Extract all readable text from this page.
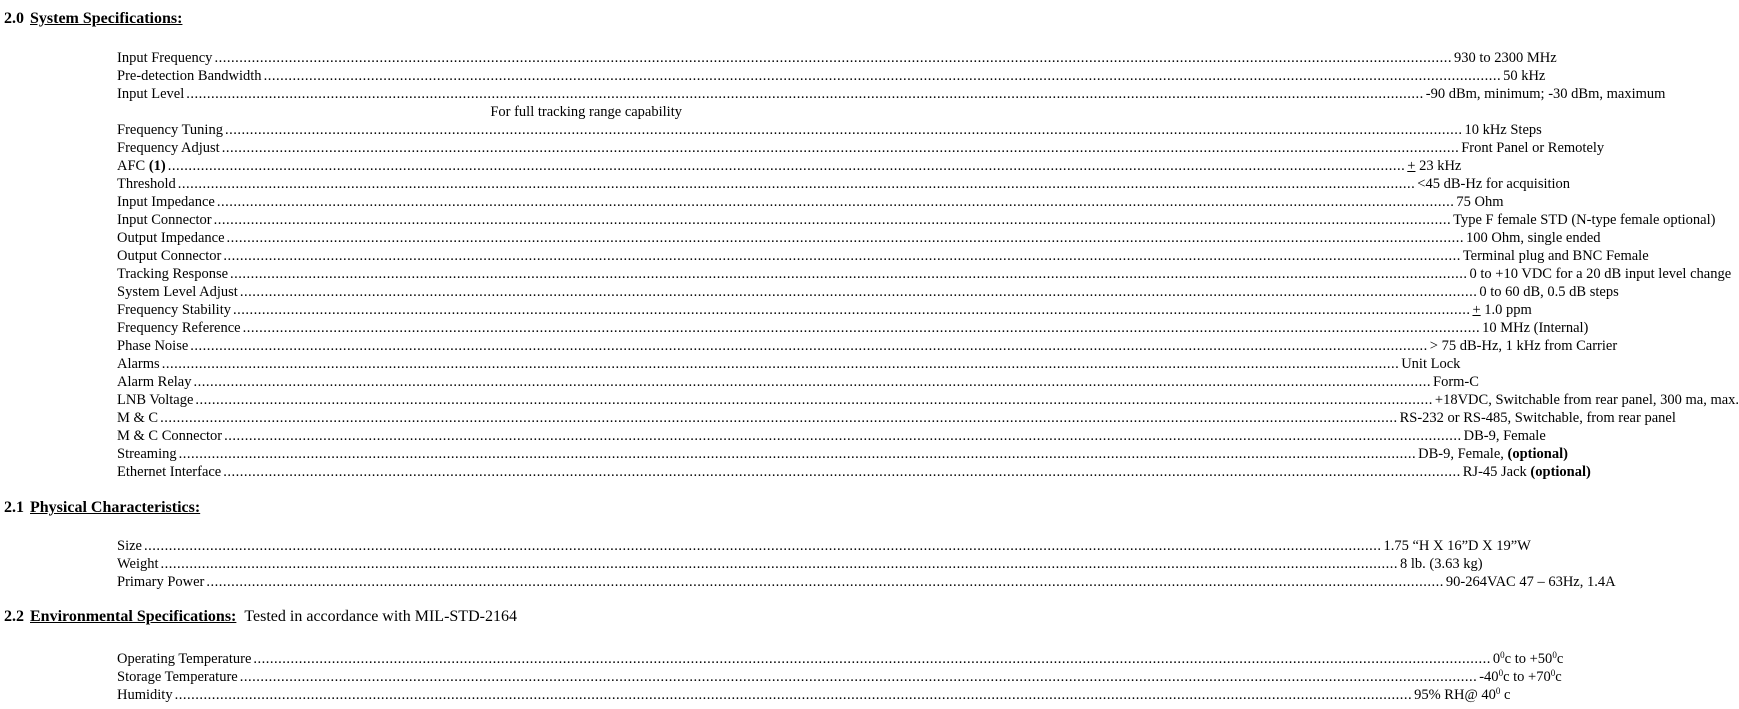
2.0 System Specifications:
Input Frequency ............................................................................................................................................................................................................................................................................................................ 930 to 2300 MHz
Pre-detection Bandwidth ............................................................................................................................................................................................................................................................................................................ 50 kHz
Input Level ............................................................................................................................................................................................................................................................................................................ -90 dBm, minimum; -30 dBm, maximum
For full tracking range capability
Frequency Tuning ............................................................................................................................................................................................................................................................................................................ 10 kHz Steps
Frequency Adjust ............................................................................................................................................................................................................................................................................................................ Front Panel or Remotely
AFC (1) ............................................................................................................................................................................................................................................................................................................ + 23 kHz
Threshold ............................................................................................................................................................................................................................................................................................................ <45 dB-Hz for acquisition
Input Impedance ............................................................................................................................................................................................................................................................................................................ 75 Ohm
Input Connector ............................................................................................................................................................................................................................................................................................................ Type F female STD (N-type female optional)
Output Impedance ............................................................................................................................................................................................................................................................................................................ 100 Ohm, single ended
Output Connector ............................................................................................................................................................................................................................................................................................................ Terminal plug and BNC Female
Tracking Response ............................................................................................................................................................................................................................................................................................................ 0 to +10 VDC for a 20 dB input level change
System Level Adjust ............................................................................................................................................................................................................................................................................................................ 0 to 60 dB, 0.5 dB steps
Frequency Stability ............................................................................................................................................................................................................................................................................................................ + 1.0 ppm
Frequency Reference ............................................................................................................................................................................................................................................................................................................ 10 MHz (Internal)
Phase Noise ............................................................................................................................................................................................................................................................................................................ > 75 dB-Hz, 1 kHz from Carrier
Alarms ............................................................................................................................................................................................................................................................................................................ Unit Lock
Alarm Relay ............................................................................................................................................................................................................................................................................................................ Form-C
LNB Voltage ............................................................................................................................................................................................................................................................................................................ +18VDC, Switchable from rear panel, 300 ma, max.
M & C ............................................................................................................................................................................................................................................................................................................ RS-232 or RS-485, Switchable, from rear panel
M & C Connector ............................................................................................................................................................................................................................................................................................................ DB-9, Female
Streaming ............................................................................................................................................................................................................................................................................................................ DB-9, Female, (optional)
Ethernet Interface ............................................................................................................................................................................................................................................................................................................ RJ-45 Jack (optional)
2.1 Physical Characteristics:
Size ............................................................................................................................................................................................................................................................................................................ 1.75 “H X 16”D X 19”W
Weight ............................................................................................................................................................................................................................................................................................................ 8 lb. (3.63 kg)
Primary Power ............................................................................................................................................................................................................................................................................................................ 90-264VAC 47 – 63Hz, 1.4A
2.2 Environmental Specifications: Tested in accordance with MIL-STD-2164
Operating Temperature ............................................................................................................................................................................................................................................................................................................ $0^0c$ to $+50^0c$
Storage Temperature ............................................................................................................................................................................................................................................................................................................ $-40^0c$ to $+70^0c$
Humidity ............................................................................................................................................................................................................................................................................................................ 95% RH@ $40^0$ c
